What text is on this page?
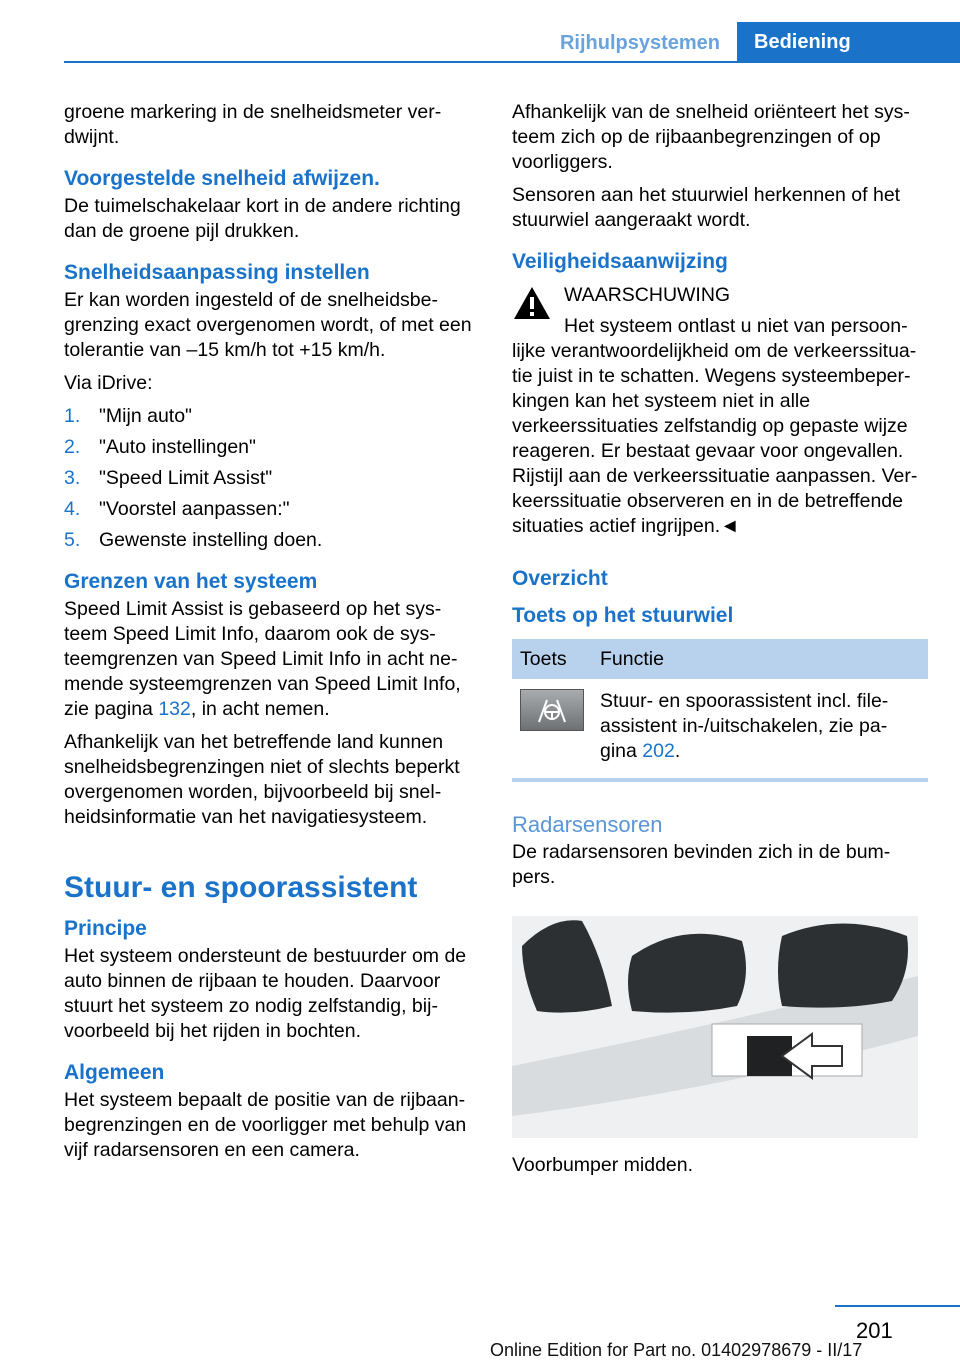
Rijhulpsystemen	Bediening

groene markering in de snelheidsmeter ver-dwijnt.

Voorgestelde snelheid afwijzen.

De tuimelschakelaar kort in de andere richting dan de groene pijl drukken.

Snelheidsaanpassing instellen

Er kan worden ingesteld of de snelheidsbe-grenzing exact overgenomen wordt, of met een tolerantie van –15 km/h tot +15 km/h.

Via iDrive:

1. "Mijn auto"
2. "Auto instellingen"
3. "Speed Limit Assist"
4. "Voorstel aanpassen:"
5. Gewenste instelling doen.
Grenzen van het systeem

Speed Limit Assist is gebaseerd op het sys-teem Speed Limit Info, daarom ook de sys-teemgrenzen van Speed Limit Info in acht ne-mende systeemgrenzen van Speed Limit Info, zie pagina 132, in acht nemen.

Afhankelijk van het betreffende land kunnen snelheidsbegrenzingen niet of slechts beperkt overgenomen worden, bijvoorbeeld bij snel-heidsinformatie van het navigatiesysteem.

Stuur- en spoorassistent
Principe

Het systeem ondersteunt de bestuurder om de auto binnen de rijbaan te houden. Daarvoor stuurt het systeem zo nodig zelfstandig, bij-voorbeeld bij het rijden in bochten.

Algemeen

Het systeem bepaalt de positie van de rijbaan-begrenzingen en de voorligger met behulp van vijf radarsensoren en een camera.

Afhankelijk van de snelheid oriënteert het sys-teem zich op de rijbaanbegrenzingen of op voorliggers.

Sensoren aan het stuurwiel herkennen of het stuurwiel aangeraakt wordt.

Veiligheidsaanwijzing
WAARSCHUWING

Het systeem ontlast u niet van persoon-lijke verantwoordelijkheid om de verkeerssitua-tie juist in te schatten. Wegens systeembeper-kingen kan het systeem niet in alle verkeerssituaties zelfstandig op gepaste wijze reageren. Er bestaat gevaar voor ongevallen. Rijstijl aan de verkeerssituatie aanpassen. Ver-keerssituatie observeren en in de betreffende situaties actief ingrijpen.◄

Overzicht
Toets op het stuurwiel
Toets	Functie

	Stuur- en spoorassistent incl. file-assistent in-/uitschakelen, zie pa-gina 202.
Radarsensoren

De radarsensoren bevinden zich in de bum-pers.

Voorbumper midden.

201
Online Edition for Part no. 01402978679 - II/17
